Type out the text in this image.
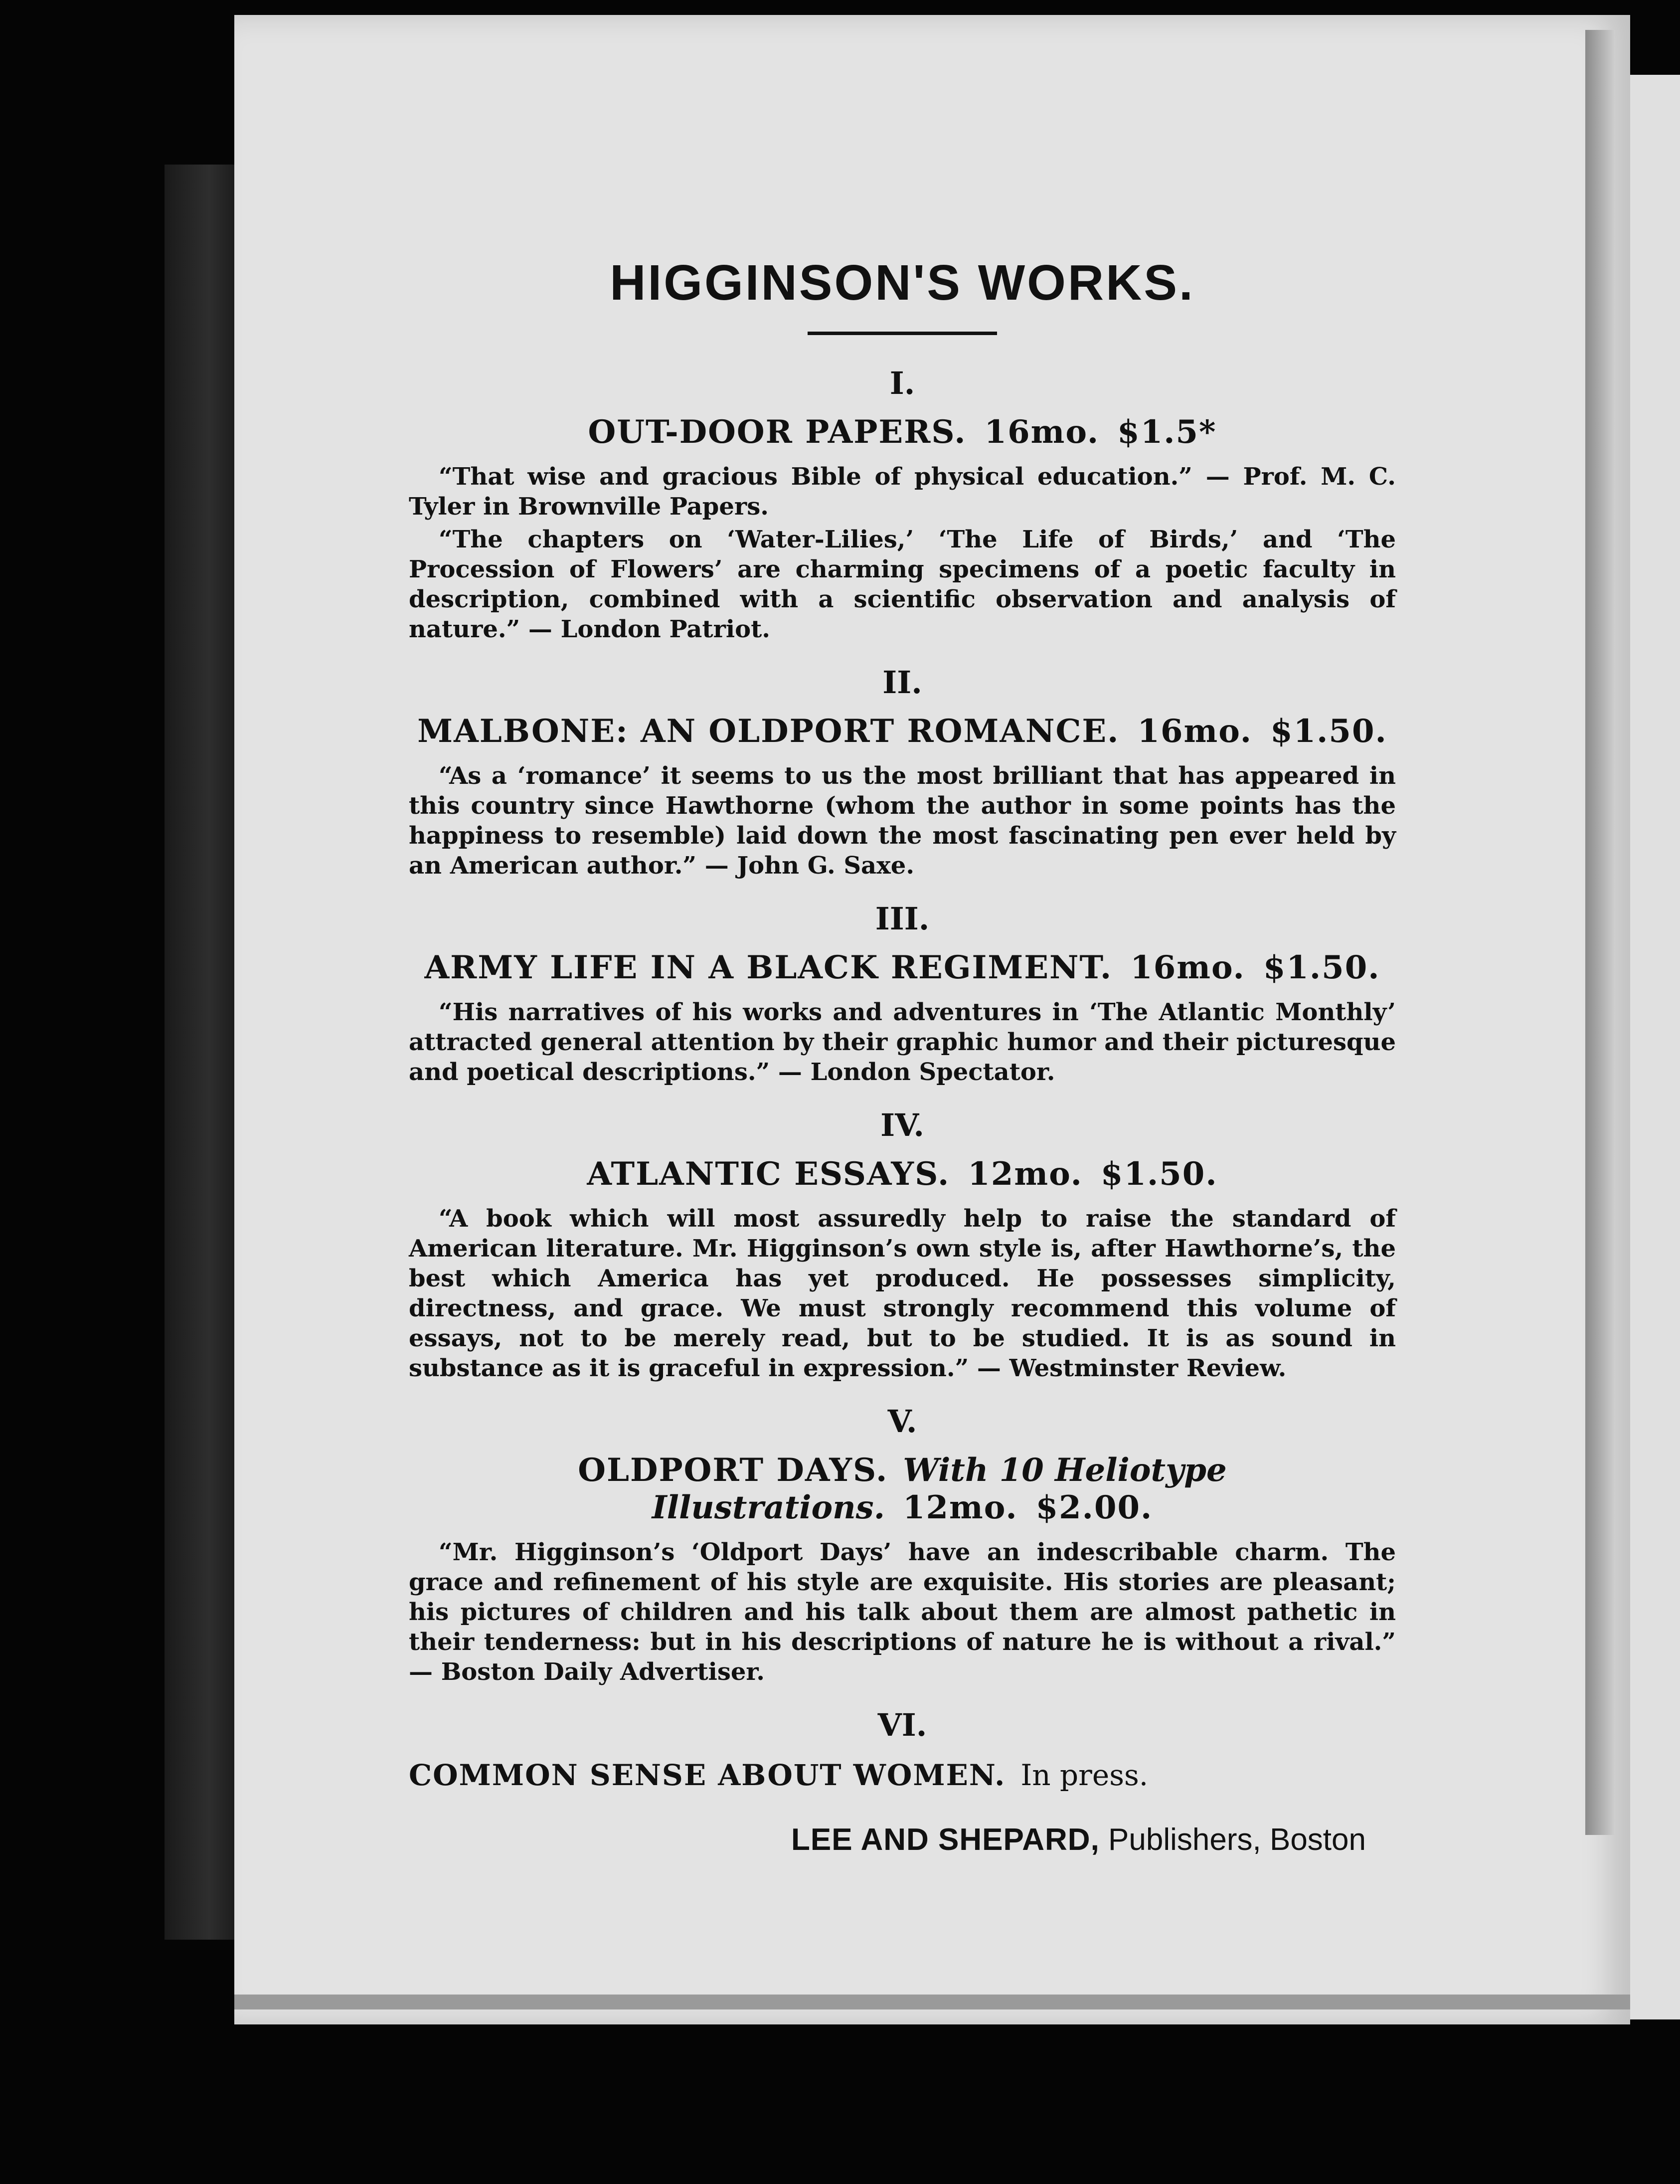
HIGGINSON'S WORKS.
I.
OUT-DOOR PAPERS. 16mo. $1.5*

“That wise and gracious Bible of physical education.” — Prof. M. C. Tyler in Brownville Papers.

“The chapters on ‘Water-Lilies,’ ‘The Life of Birds,’ and ‘The Procession of Flowers’ are charming specimens of a poetic faculty in description, combined with a scientific observation and analysis of nature.” — London Patriot.

II.
MALBONE: AN OLDPORT ROMANCE. 16mo. $1.50.

“As a ‘romance’ it seems to us the most brilliant that has appeared in this country since Hawthorne (whom the author in some points has the happiness to resemble) laid down the most fascinating pen ever held by an American author.” — John G. Saxe.

III.
ARMY LIFE IN A BLACK REGIMENT. 16mo. $1.50.

“His narratives of his works and adventures in ‘The Atlantic Monthly’ attracted general attention by their graphic humor and their picturesque and poetical descriptions.” — London Spectator.

IV.
ATLANTIC ESSAYS. 12mo. $1.50.

“A book which will most assuredly help to raise the standard of American literature. Mr. Higginson’s own style is, after Hawthorne’s, the best which America has yet produced. He possesses simplicity, directness, and grace. We must strongly recommend this volume of essays, not to be merely read, but to be studied. It is as sound in substance as it is graceful in expression.” — Westminster Review.

V.
OLDPORT DAYS. With 10 Heliotype Illustrations. 12mo. $2.00.

“Mr. Higginson’s ‘Oldport Days’ have an indescribable charm. The grace and refinement of his style are exquisite. His stories are pleasant; his pictures of children and his talk about them are almost pathetic in their tenderness: but in his descriptions of nature he is without a rival.” — Boston Daily Advertiser.

VI.
COMMON SENSE ABOUT WOMEN. In press.
LEE AND SHEPARD, Publishers, Boston
